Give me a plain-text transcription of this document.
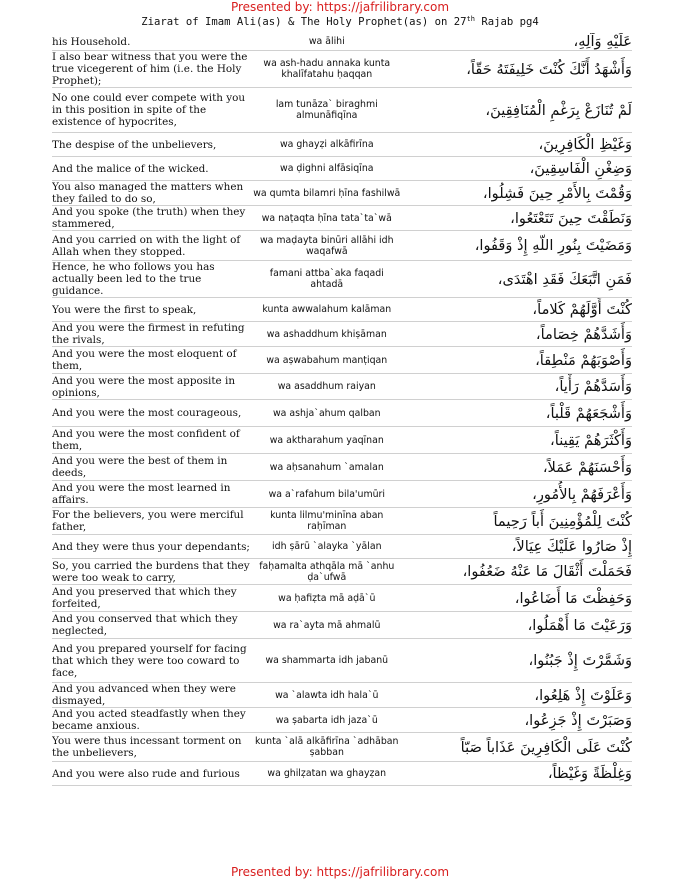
Presented by: https://jafrilibrary.com
Ziarat of Imam Ali(as) & The Holy Prophet(as) on 27th Rajab pg4
his Household.	wa ālihi	عَلَيْهِ وَآلِهِ،
I also bear witness that you were the true vicegerent of him (i.e. the Holy Prophet);	wa ash-hadu annaka kunta khalīfatahu ḥaqqan	وَأَشْهَدُ أَنَّكَ كُنْتَ خَلِيفَتَهُ حَقّاً،
No one could ever compete with you in this position in spite of the existence of hypocrites,	lam tunāza` biraghmi almunāfiqīna	لَمْ تُنَازَعْ بِرَغْمِ الْمُنَافِقِينَ،
The despise of the unbelievers,	wa ghayẓi alkāfirīna	وَغَيْظِ الْكَافِرِينَ،
And the malice of the wicked.	wa ḍighni alfāsiqīna	وَضِغْنِ الْفَاسِقِينَ،
You also managed the matters when they failed to do so,	wa qumta bilamri ḥīna fashilwā	وَقُمْتَ بِالأَمْرِ حِينَ فَشِلُوا،
And you spoke (the truth) when they stammered,	wa naṭaqta ḥīna tata`ta`wā	وَنَطَقْتَ حِينَ تَتَعْتَعُوا،
And you carried on with the light of Allah when they stopped.	wa maḍayta binūri allāhi idh waqafwā	وَمَضَيْتَ بِنُورِ اللّهِ إِذْ وَقَفُوا،
Hence, he who follows you has actually been led to the true guidance.	famani attba`aka faqadi ahtadā	فَمَنِ اتَّبَعَكَ فَقَدِ اهْتَدَى،
You were the first to speak,	kunta awwalahum kalāman	كُنْتَ أَوَّلَهُمْ كَلاماً،
And you were the firmest in refuting the rivals,	wa ashaddhum khiṣāman	وَأَشَدَّهُمْ خِصَاماً،
And you were the most eloquent of them,	wa aṣwabahum manṭiqan	وَأَصْوَبَهُمْ مَنْطِقاً،
And you were the most apposite in opinions,	wa asaddhum raiyan	وَأَسَدَّهُمْ رَأْياً،
And you were the most courageous,	wa ashja`ahum qalban	وَأَشْجَعَهُمْ قَلْباً،
And you were the most confident of them,	wa aktharahum yaqīnan	وَأَكْثَرَهُمْ يَقِيناً،
And you were the best of them in deeds,	wa aḥsanahum `amalan	وَأَحْسَنَهُمْ عَمَلاً،
And you were the most learned in affairs.	wa a`rafahum bila'umūri	وَأَعْرَفَهُمْ بِالأُمُورِ،
For the believers, you were merciful father,	kunta lilmu'minīna aban raḥīman	كُنْتَ لِلْمُؤْمِنِينَ أَباً رَحِيماً
And they were thus your dependants;	idh ṣārū `alayka `yālan	إِذْ صَارُوا عَلَيْكَ عِيَالاً،
So, you carried the burdens that they were too weak to carry,	faḥamalta athqāla mā `anhu ḍa`ufwā	فَحَمَلْتَ أَثْقَالَ مَا عَنْهُ ضَعُفُوا،
And you preserved that which they forfeited,	wa ḥafiẓta mā aḍā`ū	وَحَفِظْتَ مَا أَضَاعُوا،
And you conserved that which they neglected,	wa ra`ayta mā ahmalū	وَرَعَيْتَ مَا أَهْمَلُوا،
And you prepared yourself for facing that which they were too coward to face,	wa shammarta idh jabanū	وَشَمَّرْتَ إِذْ جَبُنُوا،
And you advanced when they were dismayed,	wa `alawta idh hala`ū	وَعَلَوْتَ إِذْ هَلِعُوا،
And you acted steadfastly when they became anxious.	wa ṣabarta idh jaza`ū	وَصَبَرْتَ إِذْ جَزِعُوا،
You were thus incessant torment on the unbelievers,	kunta `alā alkāfirīna `adhāban ṣabban	كُنْتَ عَلَى الْكَافِرِينَ عَذَاباً صَبّاً
And you were also rude and furious	wa ghilẓatan wa ghayẓan	وَغِلْظَةً وَغَيْظاً،
Presented by: https://jafrilibrary.com
